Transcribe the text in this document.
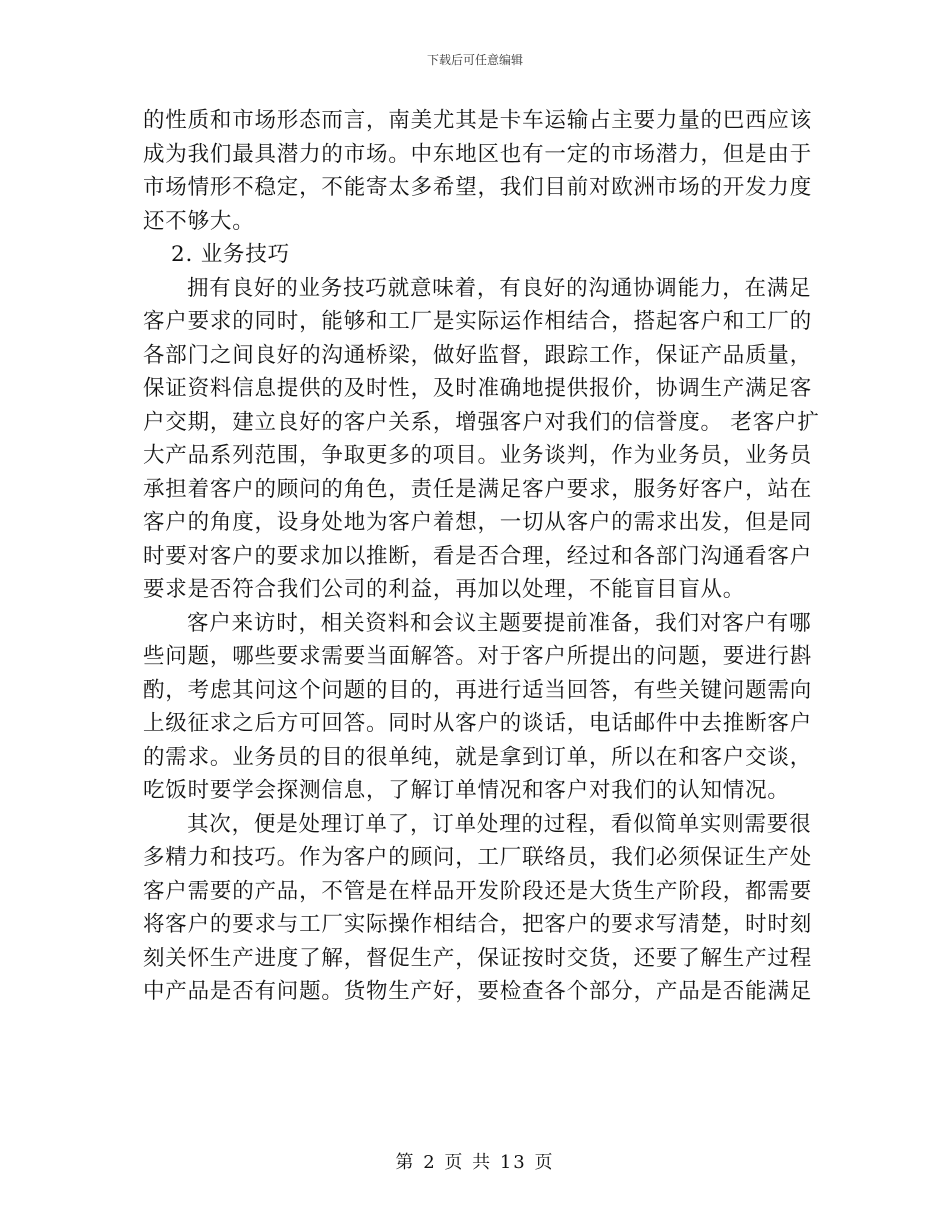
下载后可任意编辑
的性质和市场形态而言，南美尤其是卡车运输占主要力量的巴西应该
成为我们最具潜力的市场。中东地区也有一定的市场潜力，但是由于
市场情形不稳定，不能寄太多希望，我们目前对欧洲市场的开发力度
还不够大。
2. 业务技巧
拥有良好的业务技巧就意味着，有良好的沟通协调能力，在满足
客户要求的同时，能够和工厂是实际运作相结合，搭起客户和工厂的
各部门之间良好的沟通桥梁，做好监督，跟踪工作，保证产品质量，
保证资料信息提供的及时性，及时准确地提供报价，协调生产满足客
户交期，建立良好的客户关系，增强客户对我们的信誉度。 老客户扩
大产品系列范围，争取更多的项目。业务谈判，作为业务员，业务员
承担着客户的顾问的角色，责任是满足客户要求，服务好客户，站在
客户的角度，设身处地为客户着想，一切从客户的需求出发，但是同
时要对客户的要求加以推断，看是否合理，经过和各部门沟通看客户
要求是否符合我们公司的利益，再加以处理，不能盲目盲从。
客户来访时，相关资料和会议主题要提前准备，我们对客户有哪
些问题，哪些要求需要当面解答。对于客户所提出的问题，要进行斟
酌，考虑其问这个问题的目的，再进行适当回答，有些关键问题需向
上级征求之后方可回答。同时从客户的谈话，电话邮件中去推断客户
的需求。业务员的目的很单纯，就是拿到订单，所以在和客户交谈，
吃饭时要学会探测信息，了解订单情况和客户对我们的认知情况。
其次，便是处理订单了，订单处理的过程，看似简单实则需要很
多精力和技巧。作为客户的顾问，工厂联络员，我们必须保证生产处
客户需要的产品，不管是在样品开发阶段还是大货生产阶段，都需要
将客户的要求与工厂实际操作相结合，把客户的要求写清楚，时时刻
刻关怀生产进度了解，督促生产，保证按时交货，还要了解生产过程
中产品是否有问题。货物生产好，要检查各个部分，产品是否能满足
第 2 页 共 13 页
